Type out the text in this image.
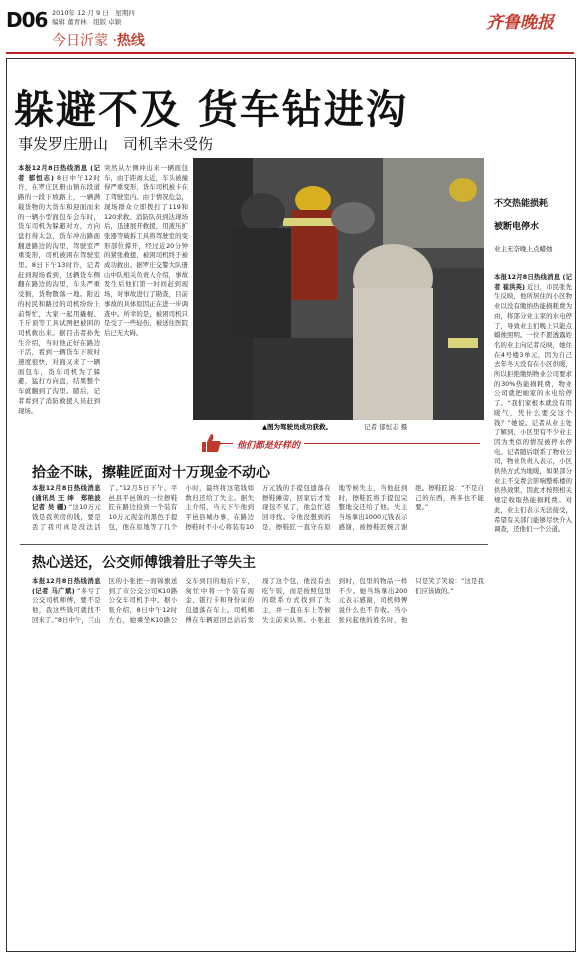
D06 2010年 12 月 9 日　星期四
编辑 董青林　组版 卓颖
今日沂蒙 ·热线
齐鲁晚报
躲避不及 货车钻进沟
事发罗庄册山　司机幸未受伤
本报12月8日热线消息 (记者 郁恒志) 8日中午12时许，在罗庄区册山镇东段道路的一段下坡路上，一辆满载货物的大货车和迎面而来的一辆小型面包车会车时，货车司机为躲避对方，方向盘打得太急，货车冲出路面翻进路边的沟里，驾驶室严重变形，司机被困在驾驶室里。8日下午13时许，记者赶到现场看到，这辆货车侧翻在路边的沟里，车头严重受损，货物散落一地。附近的村民和路过的司机纷纷上前帮忙，大家一起用撬棍、千斤顶等工具试图把被困的司机救出来。据目击者孙先生介绍，当时他正好在路边干活，看到一辆货车下坡时速度很快，对面又来了一辆面包车，货车司机为了躲避，猛打方向盘，结果整个车就翻到了沟里。随后，记者看到了消防救援人员赶到现场。
突然从左侧冲出来一辆面包车，由于距离太近，车头被撞得严重变形，货车司机被卡在了驾驶室内。由于情况危急，现场群众立即拨打了119和120求救。消防队员到达现场后，迅速展开救援，用液压扩张器等破拆工具将驾驶室的变形部位撑开，经过近20分钟的紧张救援，被困司机终于被成功救出。据罗庄交警大队册山中队相关负责人介绍，事故发生后他们第一时间赶到现场，对事故进行了勘查，目前事故的具体原因正在进一步调查中。所幸的是，被困司机只是受了一些轻伤，被送往医院后已无大碍。
▲图为驾驶员成功获救。	记者 郁恒志 摄
不交热能损耗
被断电停水
业主无奈晚上点蜡烛
本报12月8日热线消息 (记者 崔洪英) 近日，市民张先生反映，他所居住的小区物业以没有缴纳热能损耗费为由，将部分业主家的水电停了，导致业主们晚上只能点蜡烛照明。一位不愿透露姓名的业主向记者反映，她住在4号楼3单元，因为自己去年冬天没有在小区供暖，所以拒绝缴纳物业公司要求的30%热能损耗费，物业公司就把她家的水电给停了。“我们家根本就没有用暖气，凭什么要交这个钱？”她说。记者从业主处了解到，小区里有不少业主因为类似的情况被停水停电。记者随后联系了物业公司，物业负责人表示，小区供热方式为地暖，如果部分业主不交费会影响整栋楼的供热效果，因此才按照相关规定收取热能损耗费。对此，业主们表示无法接受，希望有关部门能够尽快介入调查，还他们一个公道。
他们都是好样的
拾金不昧，擦鞋匠面对十万现金不动心
本报12月8日热线消息 (通讯员 王 绅　郑艳波　记者 吴 疆) “这10万元钱是我卖房的钱，要是丢了我可真是没法活了。”12月5日下午，平邑县平邑镇的一位擦鞋匠在路边捡到一个装有10万元现金的黑色手提包，他在原地等了几个小时，最终将这笔钱如数归还给了失主。据失主介绍，当天下午他到平邑县城办事，在路边擦鞋时不小心将装有10万元钱的手提包遗落在擦鞋摊旁，回家后才发现包不见了，他急忙返回寻找。令他没想到的是，擦鞋匠一直守在原地等候失主，当他赶到时，擦鞋匠将手提包完整地交还给了他。失主当场拿出1000元钱表示感谢，被擦鞋匠婉言谢绝。擦鞋匠说：“不是自己的东西，再多也不能要。”
热心送还，公交师傅饿着肚子等失主
本报12月8日热线消息 (记者 马广斌) “多亏了公交司机师傅，要不是他，我这些钱可就找不回来了。”8日中午，兰山区的小张把一面锦旗送到了市公交公司K10路公交车司机手中。据小张介绍，8日中午12时左右，她乘坐K10路公交车到目的地后下车，匆忙中将一个装有现金、银行卡和身份证的包遗落在车上。司机师傅在车辆返回总站后发现了这个包，他没有去吃午饭，而是按照包里的联系方式找到了失主，并一直在车上等候失主前来认领。小张赶到时，包里的物品一样不少。她当场拿出200元表示感谢，司机师傅说什么也不肯收。当小张问起他的姓名时，他只是笑了笑说：“这是我们应该做的。”
